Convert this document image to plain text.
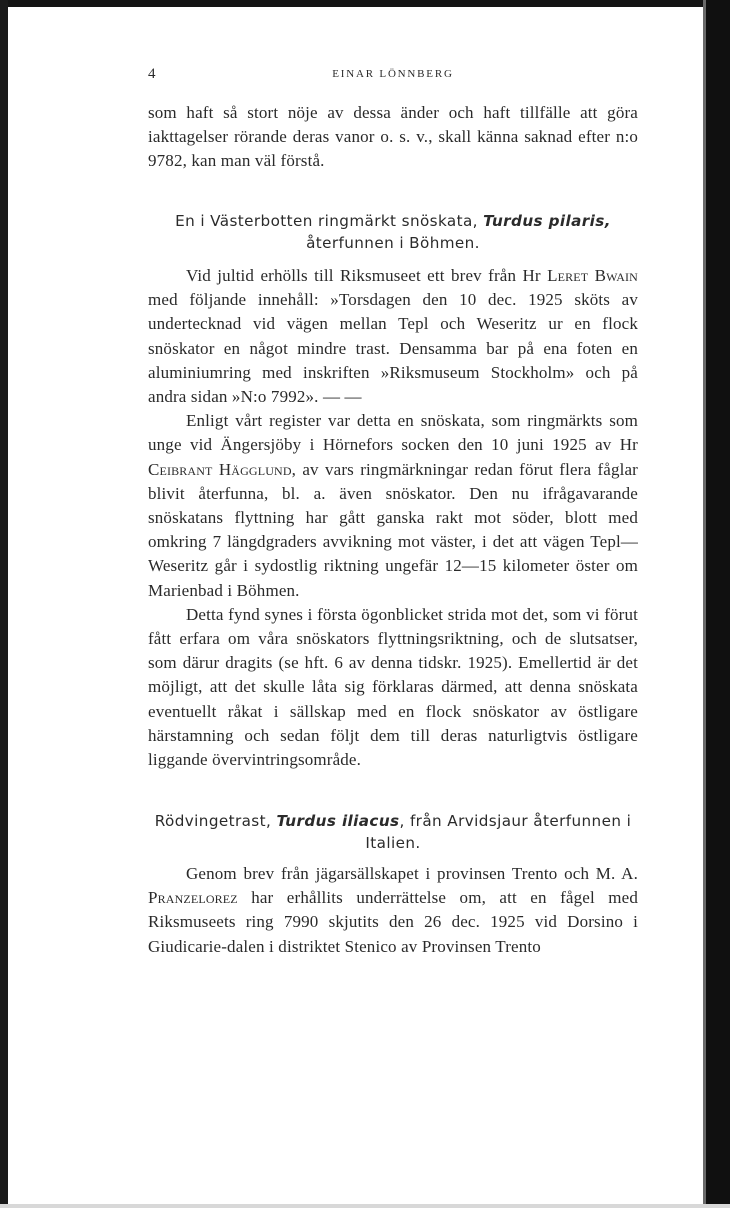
4	EINAR LÖNNBERG

som haft så stort nöje av dessa änder och haft tillfälle att göra iakttagelser rörande deras vanor o. s. v., skall känna saknad efter n:o 9782, kan man väl förstå.

En i Västerbotten ringmärkt snöskata, Turdus pilaris,
återfunnen i Böhmen.

Vid jultid erhölls till Riksmuseet ett brev från Hr Leret Bwain med följande innehåll: »Torsdagen den 10 dec. 1925 sköts av undertecknad vid vägen mellan Tepl och Weseritz ur en flock snöskator en något mindre trast. Densamma bar på ena foten en aluminiumring med inskriften »Riksmuseum Stockholm» och på andra sidan »N:o 7992». — —

Enligt vårt register var detta en snöskata, som ringmärkts som unge vid Ängersjöby i Hörnefors socken den 10 juni 1925 av Hr Ceibrant Hägglund, av vars ringmärkningar redan förut flera fåglar blivit återfunna, bl. a. även snöskator. Den nu ifrågavarande snöskatans flyttning har gått ganska rakt mot söder, blott med omkring 7 längdgraders avvikning mot väster, i det att vägen Tepl—Weseritz går i sydostlig riktning ungefär 12—15 kilometer öster om Marienbad i Böhmen.

Detta fynd synes i första ögonblicket strida mot det, som vi förut fått erfara om våra snöskators flyttningsriktning, och de slutsatser, som därur dragits (se hft. 6 av denna tidskr. 1925). Emellertid är det möjligt, att det skulle låta sig förklaras därmed, att denna snöskata eventuellt råkat i sällskap med en flock snöskator av östligare härstamning och sedan följt dem till deras naturligtvis östligare liggande övervintringsområde.

Rödvingetrast, Turdus iliacus, från Arvidsjaur återfunnen i Italien.

Genom brev från jägarsällskapet i provinsen Trento och M. A. Pranzelorez har erhållits underrättelse om, att en fågel med Riksmuseets ring 7990 skjutits den 26 dec. 1925 vid Dorsino i Giudicarie-dalen i distriktet Stenico av Provinsen Trento
